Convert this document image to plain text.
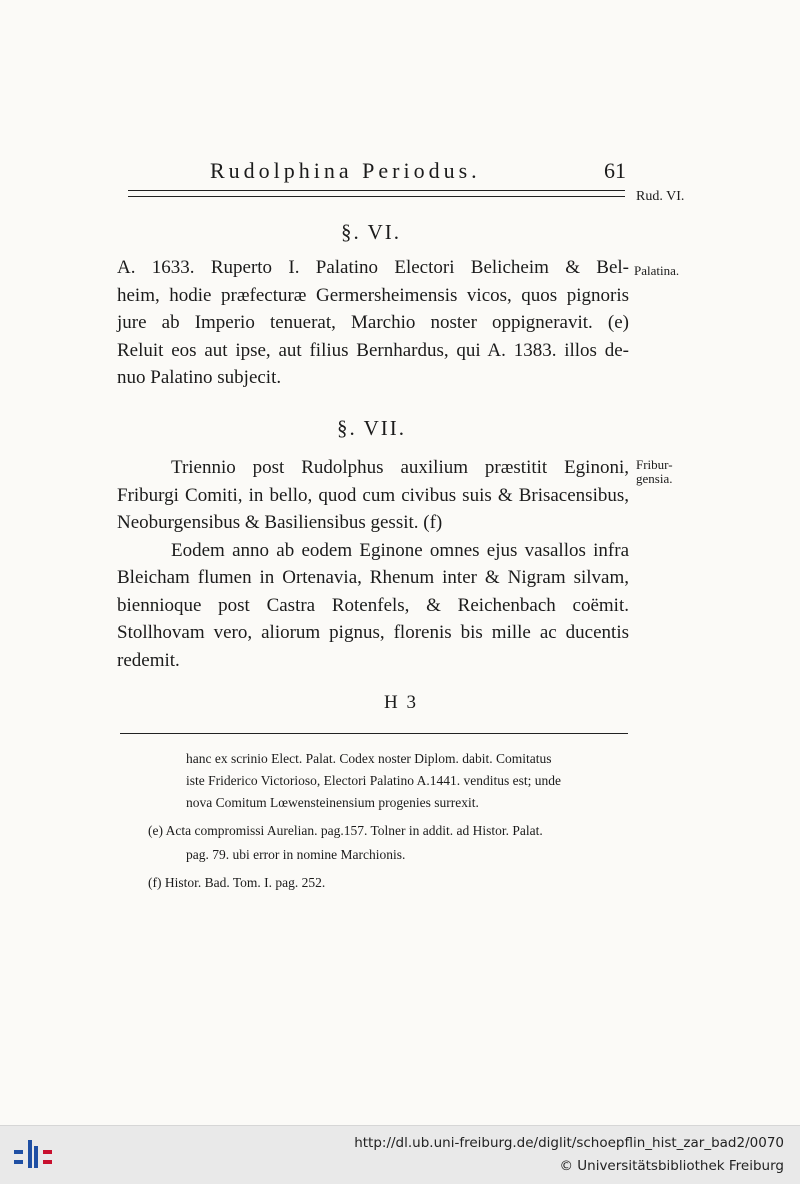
Rudolphina Periodus.	61
Rud. VI.
§. VI.
Palatina.
A. 1633. Ruperto I. Palatino Electori Belicheim & Bel-
heim, hodie præfecturæ Germersheimensis vicos, quos pignoris
jure ab Imperio tenuerat, Marchio noster oppigneravit. (e)
Reluit eos aut ipse, aut filius Bernhardus, qui A. 1383. illos de-
nuo Palatino subjecit.
§. VII.
Fribur-
gensia.
Triennio post Rudolphus auxilium præstitit Eginoni,
Friburgi Comiti, in bello, quod cum civibus suis & Brisacensibus,
Neoburgensibus & Basiliensibus gessit. (f)
Eodem anno ab eodem Eginone omnes ejus vasallos infra
Bleicham flumen in Ortenavia, Rhenum inter & Nigram silvam,
biennioque post Castra Rotenfels, & Reichenbach coëmit.
Stollhovam vero, aliorum pignus, florenis bis mille ac ducentis
redemit.
H 3
hanc ex scrinio Elect. Palat. Codex noster Diplom. dabit. Comitatus
iste Friderico Victorioso, Electori Palatino A.1441. venditus est; unde
nova Comitum Lœwensteinensium progenies surrexit.
(e) Acta compromissi Aurelian. pag.157. Tolner in addit. ad Histor. Palat.
pag. 79. ubi error in nomine Marchionis.
(f) Histor. Bad. Tom. I. pag. 252.
http://dl.ub.uni-freiburg.de/diglit/schoepflin_hist_zar_bad2/0070
© Universitätsbibliothek Freiburg
